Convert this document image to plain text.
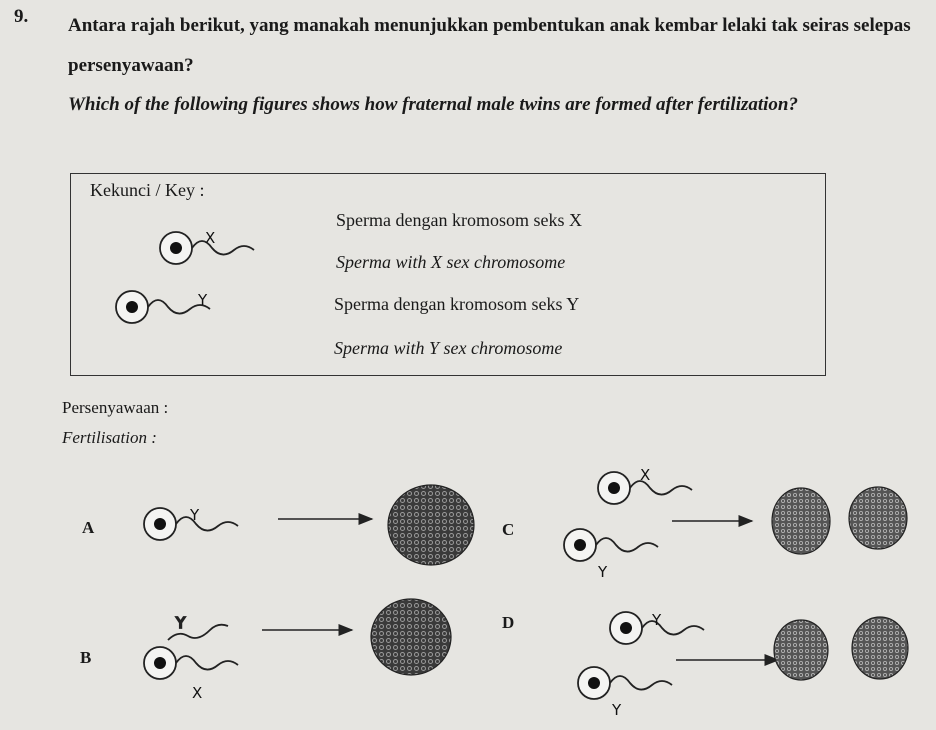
9. Antara rajah berikut, yang manakah menunjukkan pembentukan anak kembar lelaki tak seiras selepas persenyawaan?
Which of the following figures shows how fraternal male twins are formed after fertilization?
Kekunci / Key :
Sperma dengan kromosom seks X
Sperma with X sex chromosome
Sperma dengan kromosom seks Y
Sperma with Y sex chromosome
Persenyawaan :
Fertilisation :
A
B
C
D
X
Y
Y
X
Y
X
Y
Y
Y
